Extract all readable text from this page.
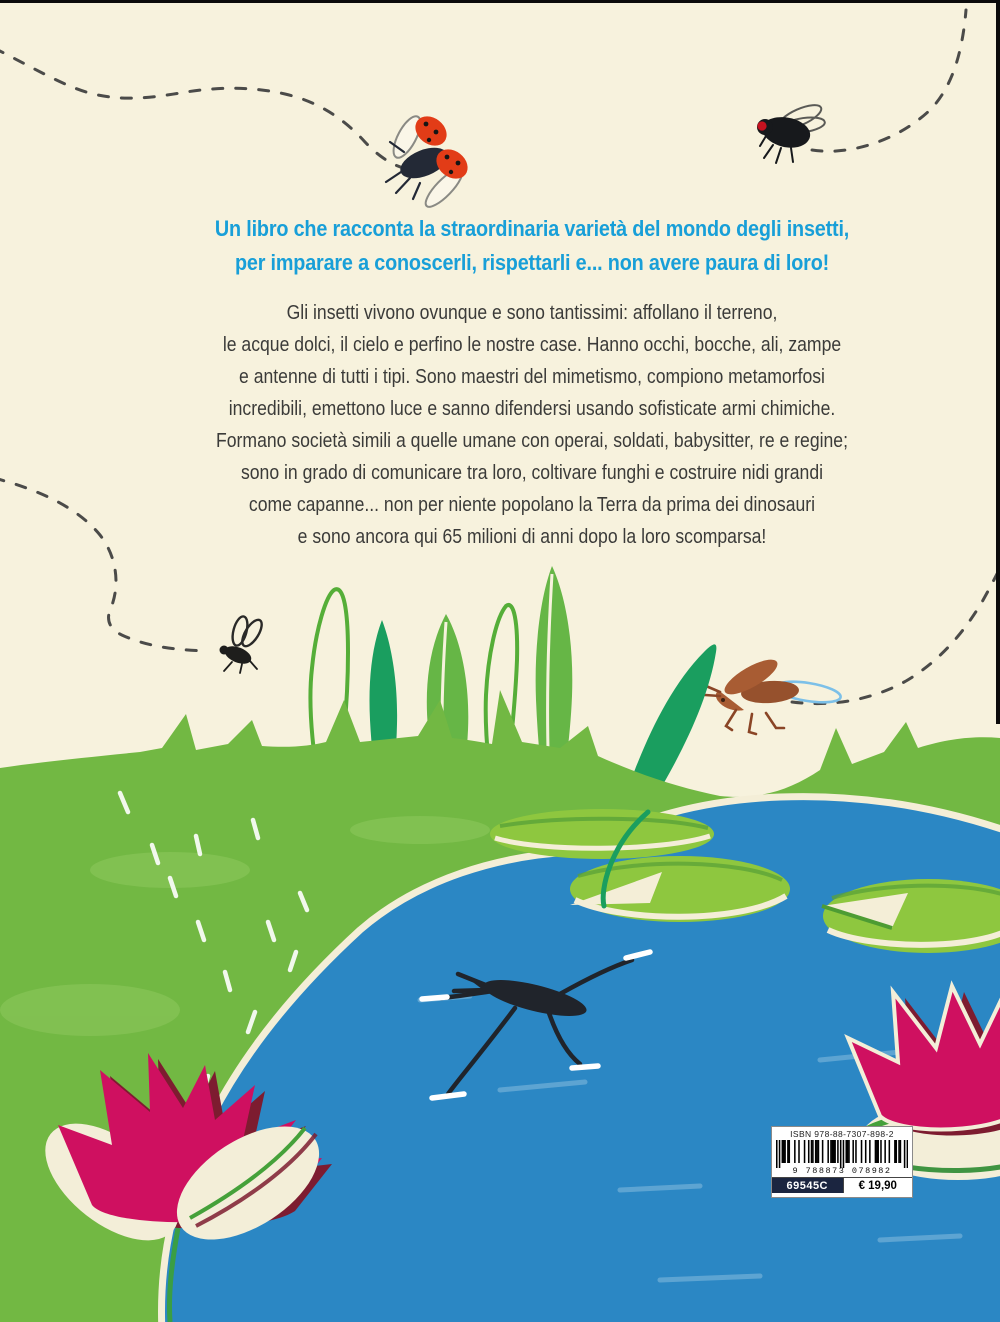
Un libro che racconta la straordinaria varietà del mondo degli insetti,
per imparare a conoscerli, rispettarli e... non avere paura di loro!
Gli insetti vivono ovunque e sono tantissimi: affollano il terreno,
le acque dolci, il cielo e perfino le nostre case. Hanno occhi, bocche, ali, zampe
e antenne di tutti i tipi. Sono maestri del mimetismo, compiono metamorfosi
incredibili, emettono luce e sanno difendersi usando sofisticate armi chimiche.
Formano società simili a quelle umane con operai, soldati, babysitter, re e regine;
sono in grado di comunicare tra loro, coltivare funghi e costruire nidi grandi
come capanne... non per niente popolano la Terra da prima dei dinosauri
e sono ancora qui 65 milioni di anni dopo la loro scomparsa!
ISBN 978-88-7307-898-2
9 788873 078982
69545C	€ 19,90
